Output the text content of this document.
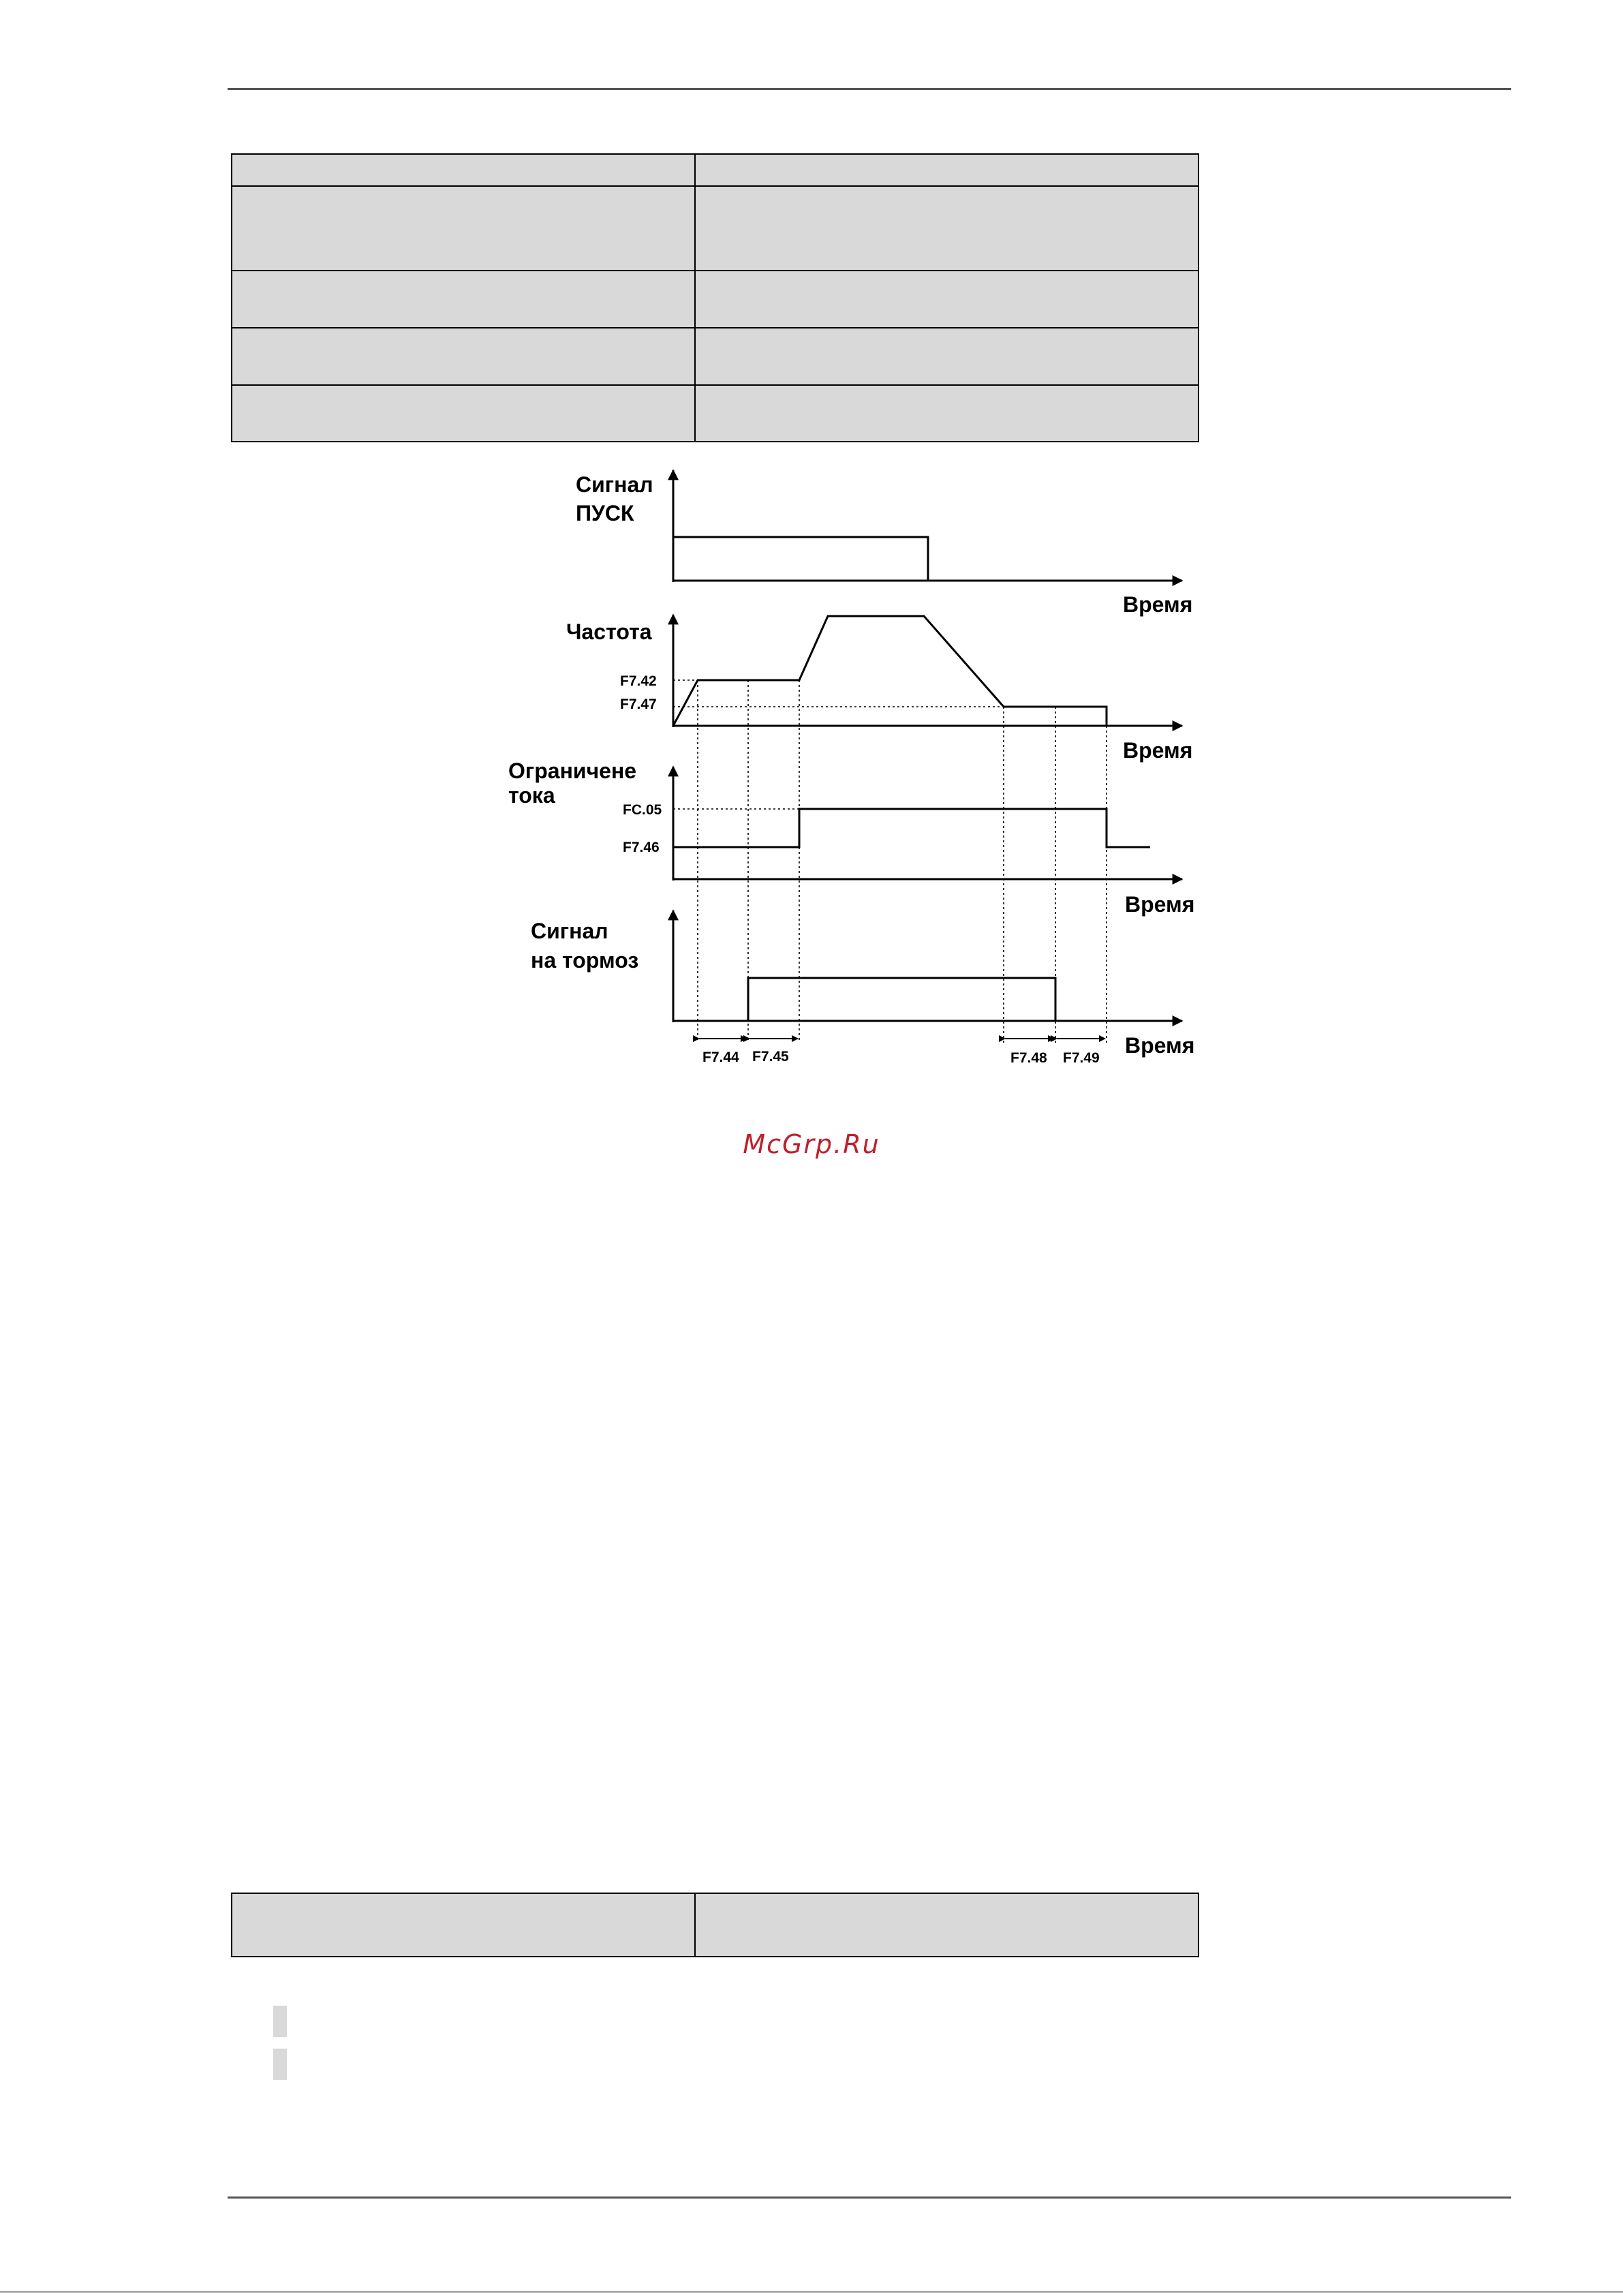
Сигнал
ПУСК
Время
Частота
F7.42
F7.47
Время
Ограничене
тока
FC.05
F7.46
Время
Сигнал
на тормоз
Время
F7.44 F7.45	F7.48 F7.49
McGrp.Ru
